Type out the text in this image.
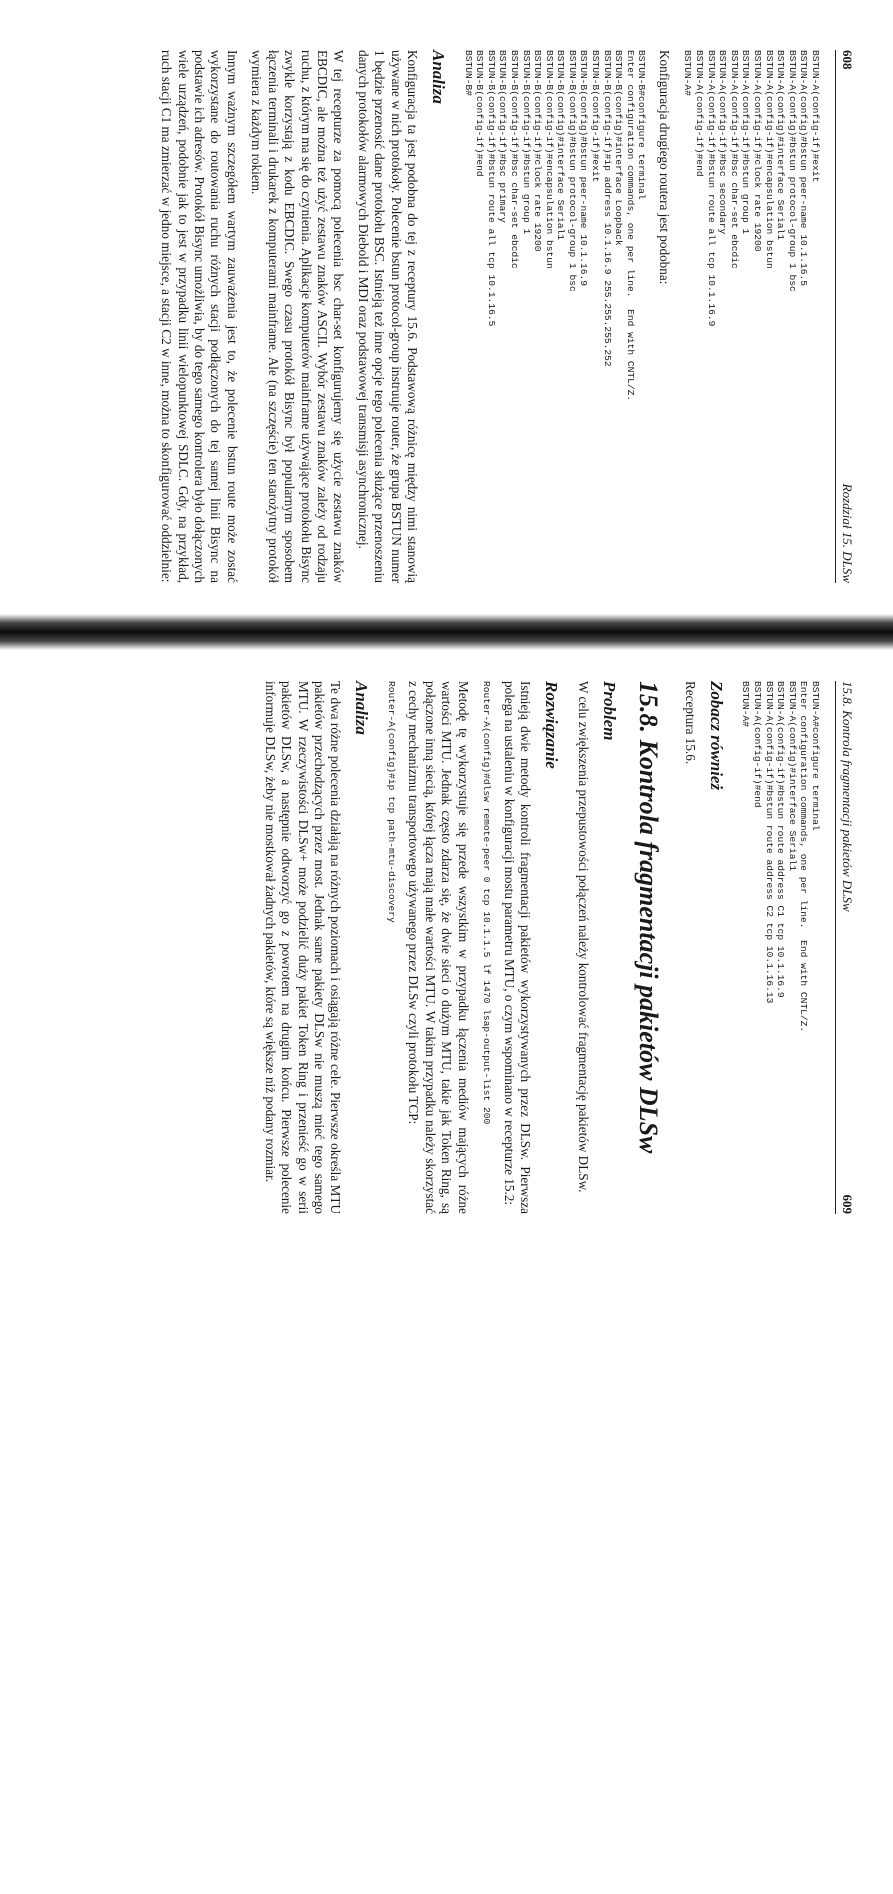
608
Rozdział 15. DLSw
BSTUN-A(config-if)#exit
BSTUN-A(config)#bstun peer-name 10.1.16.5
BSTUN-A(config)#bstun protocol-group 1 bsc
BSTUN-A(config)#interface Serial1
BSTUN-A(config-if)#encapsulation bstun
BSTUN-A(config-if)#clock rate 19200
BSTUN-A(config-if)#bstun group 1
BSTUN-A(config-if)#bsc char-set ebcdic
BSTUN-A(config-if)#bsc secondary
BSTUN-A(config-if)#bstun route all tcp 10.1.16.9
BSTUN-A(config-if)#end
BSTUN-A#

Konfiguracja drugiego routera jest podobna:

BSTUN-B#configure terminal
Enter configuration commands, one per line.  End with CNTL/Z.
BSTUN-B(config)#interface Loopback
BSTUN-B(config-if)#ip address 10.1.16.9 255.255.255.252
BSTUN-B(config-if)#exit
BSTUN-B(config)#bstun peer-name 10.1.16.9
BSTUN-B(config)#bstun protocol-group 1 bsc
BSTUN-B(config)#interface Serial1
BSTUN-B(config-if)#encapsulation bstun
BSTUN-B(config-if)#clock rate 19200
BSTUN-B(config-if)#bstun group 1
BSTUN-B(config-if)#bsc char-set ebcdic
BSTUN-B(config-if)#bsc primary
BSTUN-B(config-if)#bstun route all tcp 10.1.16.5
BSTUN-B(config-if)#end
BSTUN-B#
Analiza

Konfiguracja ta jest podobna do tej z receptury 15.6. Podstawową różnicę między nimi stanowią używane w nich protokoły. Polecenie bstun protocol-group instruuje router, że grupa BSTUN numer 1 będzie przenosić dane protokołu BSC. Istnieją też inne opcje tego polecenia służące przenoszeniu danych protokołów alarmowych Diebold i MDI oraz podstawowej transmisji asynchronicznej.

W tej recepturze za pomocą polecenia bsc char-set konfigurujemy się użycie zestawu znaków EBCDIC, ale można też użyć zestawu znaków ASCII. Wybór zestawu znaków zależy od rodzaju ruchu, z którym ma się do czynienia. Aplikacje komputerów mainframe używające protokołu Bisync zwykle korzystają z kodu EBCDIC. Swego czasu protokół Bisync był popularnym sposobem łączenia terminali i drukarek z komputerami mainframe. Ale (na szczęście) ten starożytny protokół wymiera z każdym rokiem.

Innym ważnym szczegółem wartym zauważenia jest to, że polecenie bstun route może zostać wykorzystane do routowania ruchu różnych stacji podłączonych do tej samej linii Bisync na podstawie ich adresów. Protokół Bisync umożliwia, by do tego samego kontrolera było dołączonych wiele urządzeń, podobnie jak to jest w przypadku linii wielopunktowej SDLC. Gdy, na przykład, ruch stacji C1 ma zmierzać w jedno miejsce, a stacji C2 w inne, można to skonfigurować oddzielnie:

15.8. Kontrola fragmentacji pakietów DLSw
609
BSTUN-A#configure terminal
Enter configuration commands, one per line.  End with CNTL/Z.
BSTUN-A(config)#interface Serial1
BSTUN-A(config-if)#bstun route address C1 tcp 10.1.16.9
BSTUN-A(config-if)#bstun route address C2 tcp 10.1.16.13
BSTUN-A(config-if)#end
BSTUN-A#
Zobacz również

Receptura 15.6.

15.8. Kontrola fragmentacji pakietów DLSw
Problem

W celu zwiększenia przepustowości połączeń należy kontrolować fragmentację pakietów DLSw.

Rozwiązanie

Istnieją dwie metody kontroli fragmentacji pakietów wykorzystywanych przez DLSw. Pierwsza polega na ustaleniu w konfiguracji mostu parametru MTU, o czym wspominano w recepturze 15.2:

Router-A(config)#dlsw remote-peer 0 tcp 10.1.1.5 lf 1470 lsap-output-list 200

Metodę tę wykorzystuje się przede wszystkim w przypadku łączenia mediów mających różne wartości MTU. Jednak często zdarza się, że dwie sieci o dużym MTU, takie jak Token Ring, są połączone inną siecią, której łącza mają małe wartości MTU. W takim przypadku należy skorzystać z cechy mechanizmu transportowego używanego przez DLSw czyli protokołu TCP:

Router-A(config)#ip tcp path-mtu-discovery
Analiza

Te dwa różne polecenia działają na różnych poziomach i osiągają różne cele. Pierwsze określa MTU pakietów przechodzących przez most. Jednak same pakiety DLSw nie muszą mieć tego samego MTU. W rzeczywistości DLSw+ może podzielić duży pakiet Token Ring i przenieść go w serii pakietów DLSw, a następnie odtworzyć go z powrotem na drugim końcu. Pierwsze polecenie informuje DLSw, żeby nie mostkował żadnych pakietów, które są większe niż podany rozmiar.
